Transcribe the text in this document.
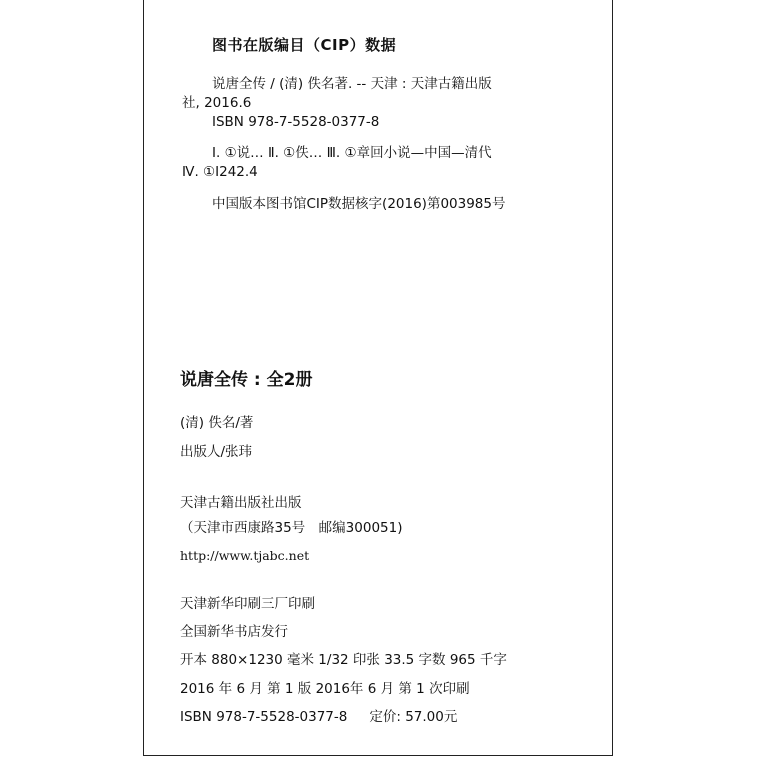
图书在版编目（CIP）数据
说唐全传 / (清) 佚名著. -- 天津 : 天津古籍出版
社, 2016.6
ISBN 978-7-5528-0377-8
Ⅰ. ①说… Ⅱ. ①佚… Ⅲ. ①章回小说—中国—清代
Ⅳ. ①I242.4
中国版本图书馆CIP数据核字(2016)第003985号
说唐全传 : 全2册
(清) 佚名/著
出版人/张玮
天津古籍出版社出版
（天津市西康路35号　邮编300051)
http://www.tjabc.net
天津新华印刷三厂印刷
全国新华书店发行
开本 880×1230 毫米 1/32 印张 33.5 字数 965 千字
2016 年 6 月 第 1 版 2016年 6 月 第 1 次印刷
ISBN 978-7-5528-0377-8 定价: 57.00元
